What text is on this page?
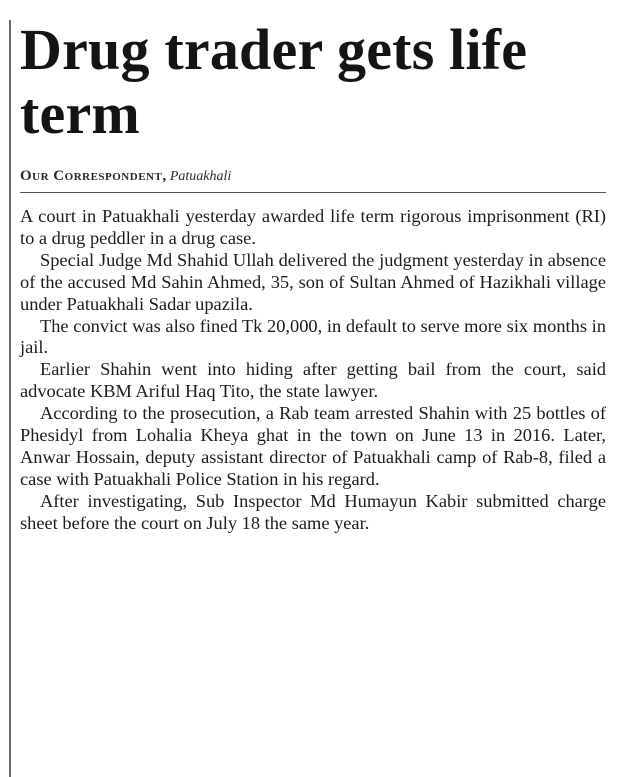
Drug trader gets life term
Our Correspondent, Patuakhali

A court in Patuakhali yesterday awarded life term rigorous imprisonment (RI) to a drug peddler in a drug case.

Special Judge Md Shahid Ullah delivered the judgment yesterday in absence of the accused Md Sahin Ahmed, 35, son of Sultan Ahmed of Hazikhali village under Patuakhali Sadar upazila.

The convict was also fined Tk 20,000, in default to serve more six months in jail.

Earlier Shahin went into hiding after getting bail from the court, said advocate KBM Ariful Haq Tito, the state lawyer.

According to the prosecution, a Rab team arrested Shahin with 25 bottles of Phesidyl from Lohalia Kheya ghat in the town on June 13 in 2016. Later, Anwar Hossain, deputy assistant director of Patuakhali camp of Rab-8, filed a case with Patuakhali Police Station in his regard.

After investigating, Sub Inspector Md Humayun Kabir submitted charge sheet before the court on July 18 the same year.
